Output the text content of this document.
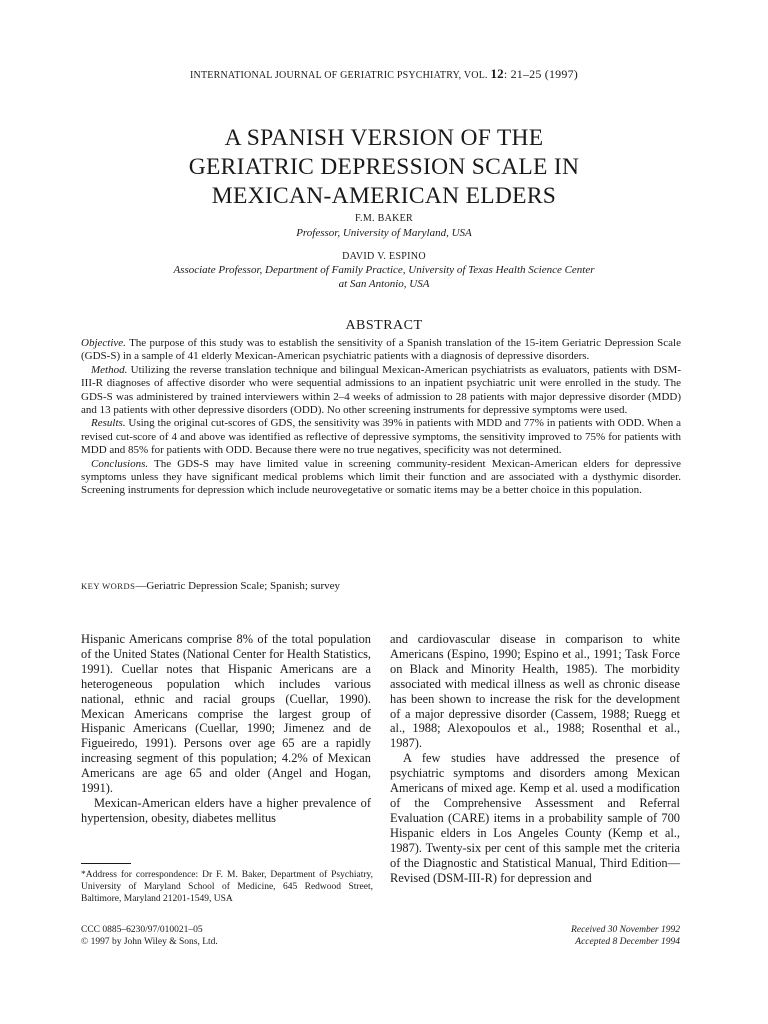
INTERNATIONAL JOURNAL OF GERIATRIC PSYCHIATRY, VOL. 12: 21–25 (1997)
A SPANISH VERSION OF THE
GERIATRIC DEPRESSION SCALE IN
MEXICAN-AMERICAN ELDERS
F.M. BAKER
Professor, University of Maryland, USA
DAVID V. ESPINO
Associate Professor, Department of Family Practice, University of Texas Health Science Center
at San Antonio, USA
ABSTRACT

Objective. The purpose of this study was to establish the sensitivity of a Spanish translation of the 15-item Geriatric Depression Scale (GDS-S) in a sample of 41 elderly Mexican-American psychiatric patients with a diagnosis of depressive disorders.

Method. Utilizing the reverse translation technique and bilingual Mexican-American psychiatrists as evaluators, patients with DSM-III-R diagnoses of affective disorder who were sequential admissions to an inpatient psychiatric unit were enrolled in the study. The GDS-S was administered by trained interviewers within 2–4 weeks of admission to 28 patients with major depressive disorder (MDD) and 13 patients with other depressive disorders (ODD). No other screening instruments for depressive symptoms were used.

Results. Using the original cut-scores of GDS, the sensitivity was 39% in patients with MDD and 77% in patients with ODD. When a revised cut-score of 4 and above was identified as reflective of depressive symptoms, the sensitivity improved to 75% for patients with MDD and 85% for patients with ODD. Because there were no true negatives, specificity was not determined.

Conclusions. The GDS-S may have limited value in screening community-resident Mexican-American elders for depressive symptoms unless they have significant medical problems which limit their function and are associated with a dysthymic disorder. Screening instruments for depression which include neurovegetative or somatic items may be a better choice in this population.

KEY WORDS—Geriatric Depression Scale; Spanish; survey

Hispanic Americans comprise 8% of the total population of the United States (National Center for Health Statistics, 1991). Cuellar notes that Hispanic Americans are a heterogeneous population which includes various national, ethnic and racial groups (Cuellar, 1990). Mexican Americans comprise the largest group of Hispanic Americans (Cuellar, 1990; Jimenez and de Figueiredo, 1991). Persons over age 65 are a rapidly increasing segment of this population; 4.2% of Mexican Americans are age 65 and older (Angel and Hogan, 1991).

Mexican-American elders have a higher prevalence of hypertension, obesity, diabetes mellitus

and cardiovascular disease in comparison to white Americans (Espino, 1990; Espino et al., 1991; Task Force on Black and Minority Health, 1985). The morbidity associated with medical illness as well as chronic disease has been shown to increase the risk for the development of a major depressive disorder (Cassem, 1988; Ruegg et al., 1988; Alexopoulos et al., 1988; Rosenthal et al., 1987).

A few studies have addressed the presence of psychiatric symptoms and disorders among Mexican Americans of mixed age. Kemp et al. used a modification of the Comprehensive Assessment and Referral Evaluation (CARE) items in a probability sample of 700 Hispanic elders in Los Angeles County (Kemp et al., 1987). Twenty-six per cent of this sample met the criteria of the Diagnostic and Statistical Manual, Third Edition—Revised (DSM-III-R) for depression and

*Address for correspondence: Dr F. M. Baker, Department of Psychiatry, University of Maryland School of Medicine, 645 Redwood Street, Baltimore, Maryland 21201-1549, USA

CCC 0885–6230/97/010021–05
© 1997 by John Wiley & Sons, Ltd.
Received 30 November 1992
Accepted 8 December 1994
